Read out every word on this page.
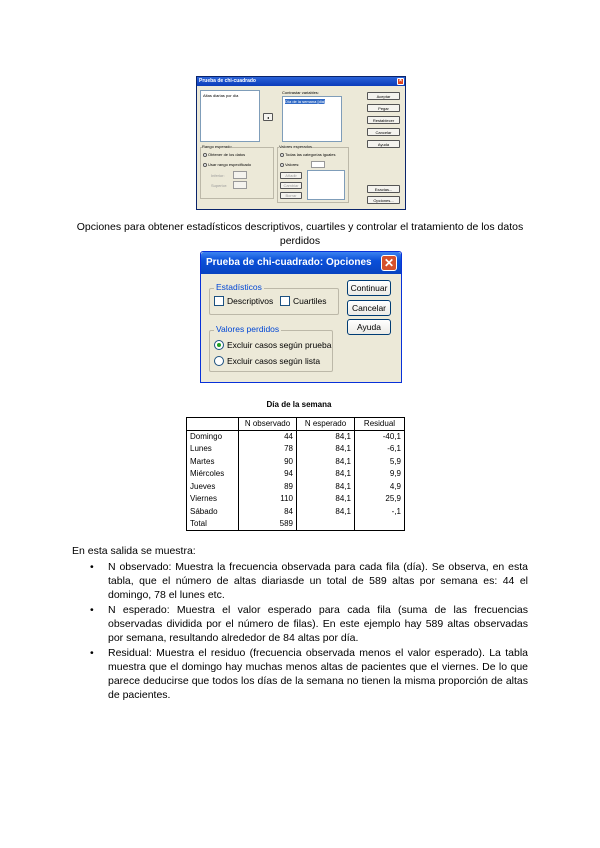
Prueba de chi-cuadrado	×
Altas diarias por día
◂
Contrastar variables:
Día de la semana [dia]
Aceptar
Pegar
Restablecer
Cancelar
Ayuda
Rango esperado
Obtener de los datos
Usar rango especificado
Inferior:
Superior:
Valores esperados
Todas las categorías iguales
Valores:
Añadir
Cambiar
Borrar
Exactas...
Opciones...
Opciones para obtener estadísticos descriptivos, cuartiles y controlar el tratamiento de los datos perdidos
Prueba de chi-cuadrado: Opciones ✕
Estadísticos
Descriptivos Cuartiles
Valores perdidos
Excluir casos según prueba
Excluir casos según lista
Continuar
Cancelar
Ayuda
Día de la semana
	N observado	N esperado	Residual
Domingo	44	84,1	-40,1
Lunes	78	84,1	-6,1
Martes	90	84,1	5,9
Miércoles	94	84,1	9,9
Jueves	89	84,1	4,9
Viernes	110	84,1	25,9
Sábado	84	84,1	-,1
Total	589		
En esta salida se muestra:
• N observado: Muestra la frecuencia observada para cada fila (día). Se observa, en esta tabla, que el número de altas diariasde un total de 589 altas por semana es: 44 el domingo, 78 el lunes etc.
• N esperado: Muestra el valor esperado para cada fila (suma de las frecuencias observadas dividida por el número de filas). En este ejemplo hay 589 altas observadas por semana, resultando alrededor de 84 altas por día.
• Residual: Muestra el residuo (frecuencia observada menos el valor esperado). La tabla muestra que el domingo hay muchas menos altas de pacientes que el viernes. De lo que parece deducirse que todos los días de la semana no tienen la misma proporción de altas de pacientes.
